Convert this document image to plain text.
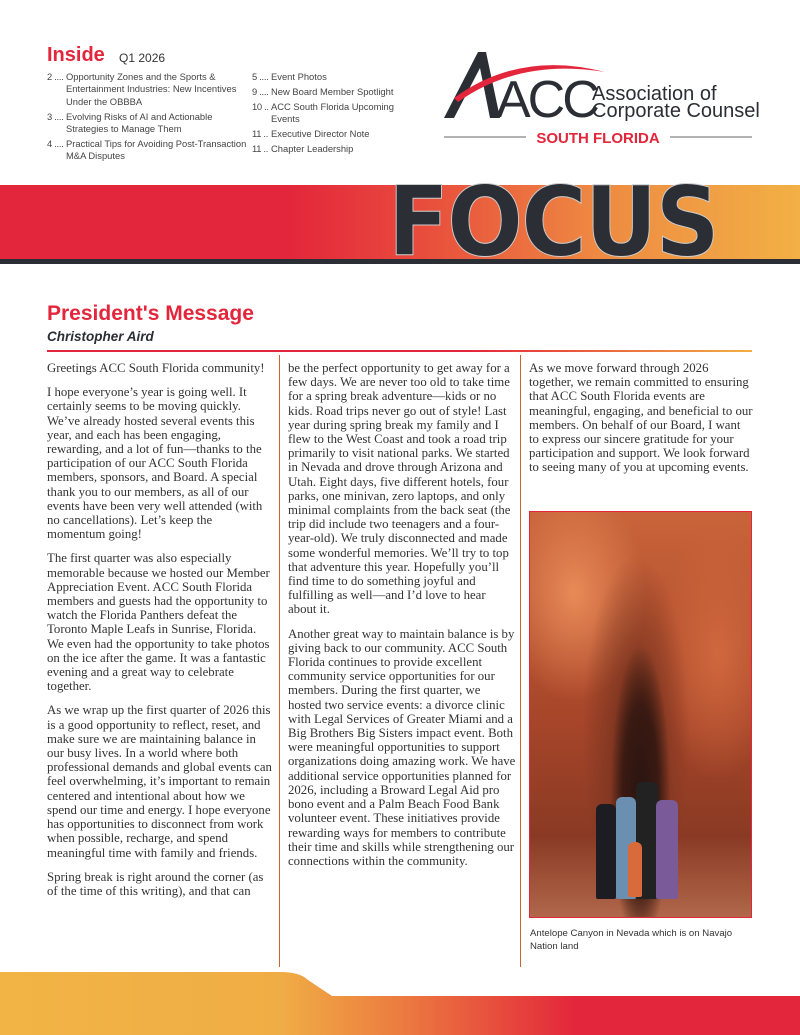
Inside Q1 2026
2 .... Opportunity Zones and the Sports & Entertainment Industries: New Incentives Under the OBBBA
3 .... Evolving Risks of AI and Actionable Strategies to Manage Them
4 .... Practical Tips for Avoiding Post-Transaction M&A Disputes
5 .... Event Photos
9 .... New Board Member Spotlight
10 .. ACC South Florida Upcoming Events
11 .. Executive Director Note
11 .. Chapter Leadership
ACC
Association of
Corporate Counsel
SOUTH FLORIDA
FOCUS
President's Message
Christopher Aird

Greetings ACC South Florida community!

I hope everyone’s year is going well. It certainly seems to be moving quickly. We’ve already hosted several events this year, and each has been engaging, rewarding, and a lot of fun—thanks to the participation of our ACC South Florida members, sponsors, and Board. A special thank you to our members, as all of our events have been very well attended (with no cancellations). Let’s keep the momentum going!

The first quarter was also especially memorable because we hosted our Member Appreciation Event. ACC South Florida members and guests had the opportunity to watch the Florida Panthers defeat the Toronto Maple Leafs in Sunrise, Florida. We even had the opportunity to take photos on the ice after the game. It was a fantastic evening and a great way to celebrate together.

As we wrap up the first quarter of 2026 this is a good opportunity to reflect, reset, and make sure we are maintaining balance in our busy lives. In a world where both professional demands and global events can feel overwhelming, it’s important to remain centered and intentional about how we spend our time and energy. I hope everyone has opportunities to disconnect from work when possible, recharge, and spend meaningful time with family and friends.

Spring break is right around the corner (as of the time of this writing), and that can

be the perfect opportunity to get away for a few days. We are never too old to take time for a spring break adventure—kids or no kids. Road trips never go out of style! Last year during spring break my family and I flew to the West Coast and took a road trip primarily to visit national parks. We started in Nevada and drove through Arizona and Utah. Eight days, five different hotels, four parks, one minivan, zero laptops, and only minimal complaints from the back seat (the trip did include two teenagers and a four-year-old). We truly disconnected and made some wonderful memories. We’ll try to top that adventure this year. Hopefully you’ll find time to do something joyful and fulfilling as well—and I’d love to hear about it.

Another great way to maintain balance is by giving back to our community. ACC South Florida continues to provide excellent community service opportunities for our members. During the first quarter, we hosted two service events: a divorce clinic with Legal Services of Greater Miami and a Big Brothers Big Sisters impact event. Both were meaningful opportunities to support organizations doing amazing work. We have additional service opportunities planned for 2026, including a Broward Legal Aid pro bono event and a Palm Beach Food Bank volunteer event. These initiatives provide rewarding ways for members to contribute their time and skills while strengthening our connections within the community.

As we move forward through 2026 together, we remain committed to ensuring that ACC South Florida events are meaningful, engaging, and beneficial to our members. On behalf of our Board, I want to express our sincere gratitude for your participation and support. We look forward to seeing many of you at upcoming events.

Antelope Canyon in Nevada which is on Navajo Nation land
